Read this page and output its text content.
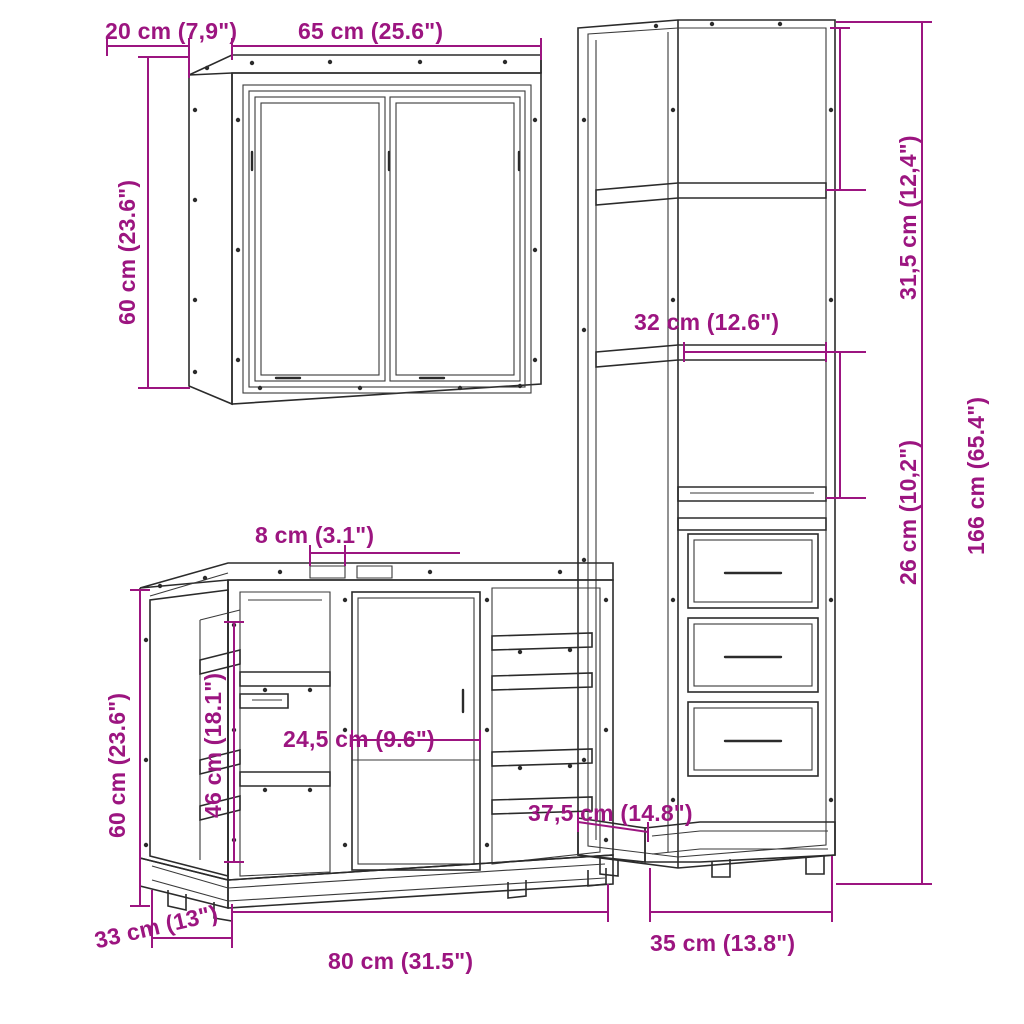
20 cm (7,9")	65 cm (25.6")
60 cm (23.6")	31,5 cm (12,4")
32 cm (12.6")
26 cm (10,2") 166 cm (65.4")
35 cm (13.8")
37,5 cm (14.8")
8 cm (3.1")
46 cm (18.1")
60 cm (23.6")	24,5 cm (9.6")
33 cm (13")
80 cm (31.5")
